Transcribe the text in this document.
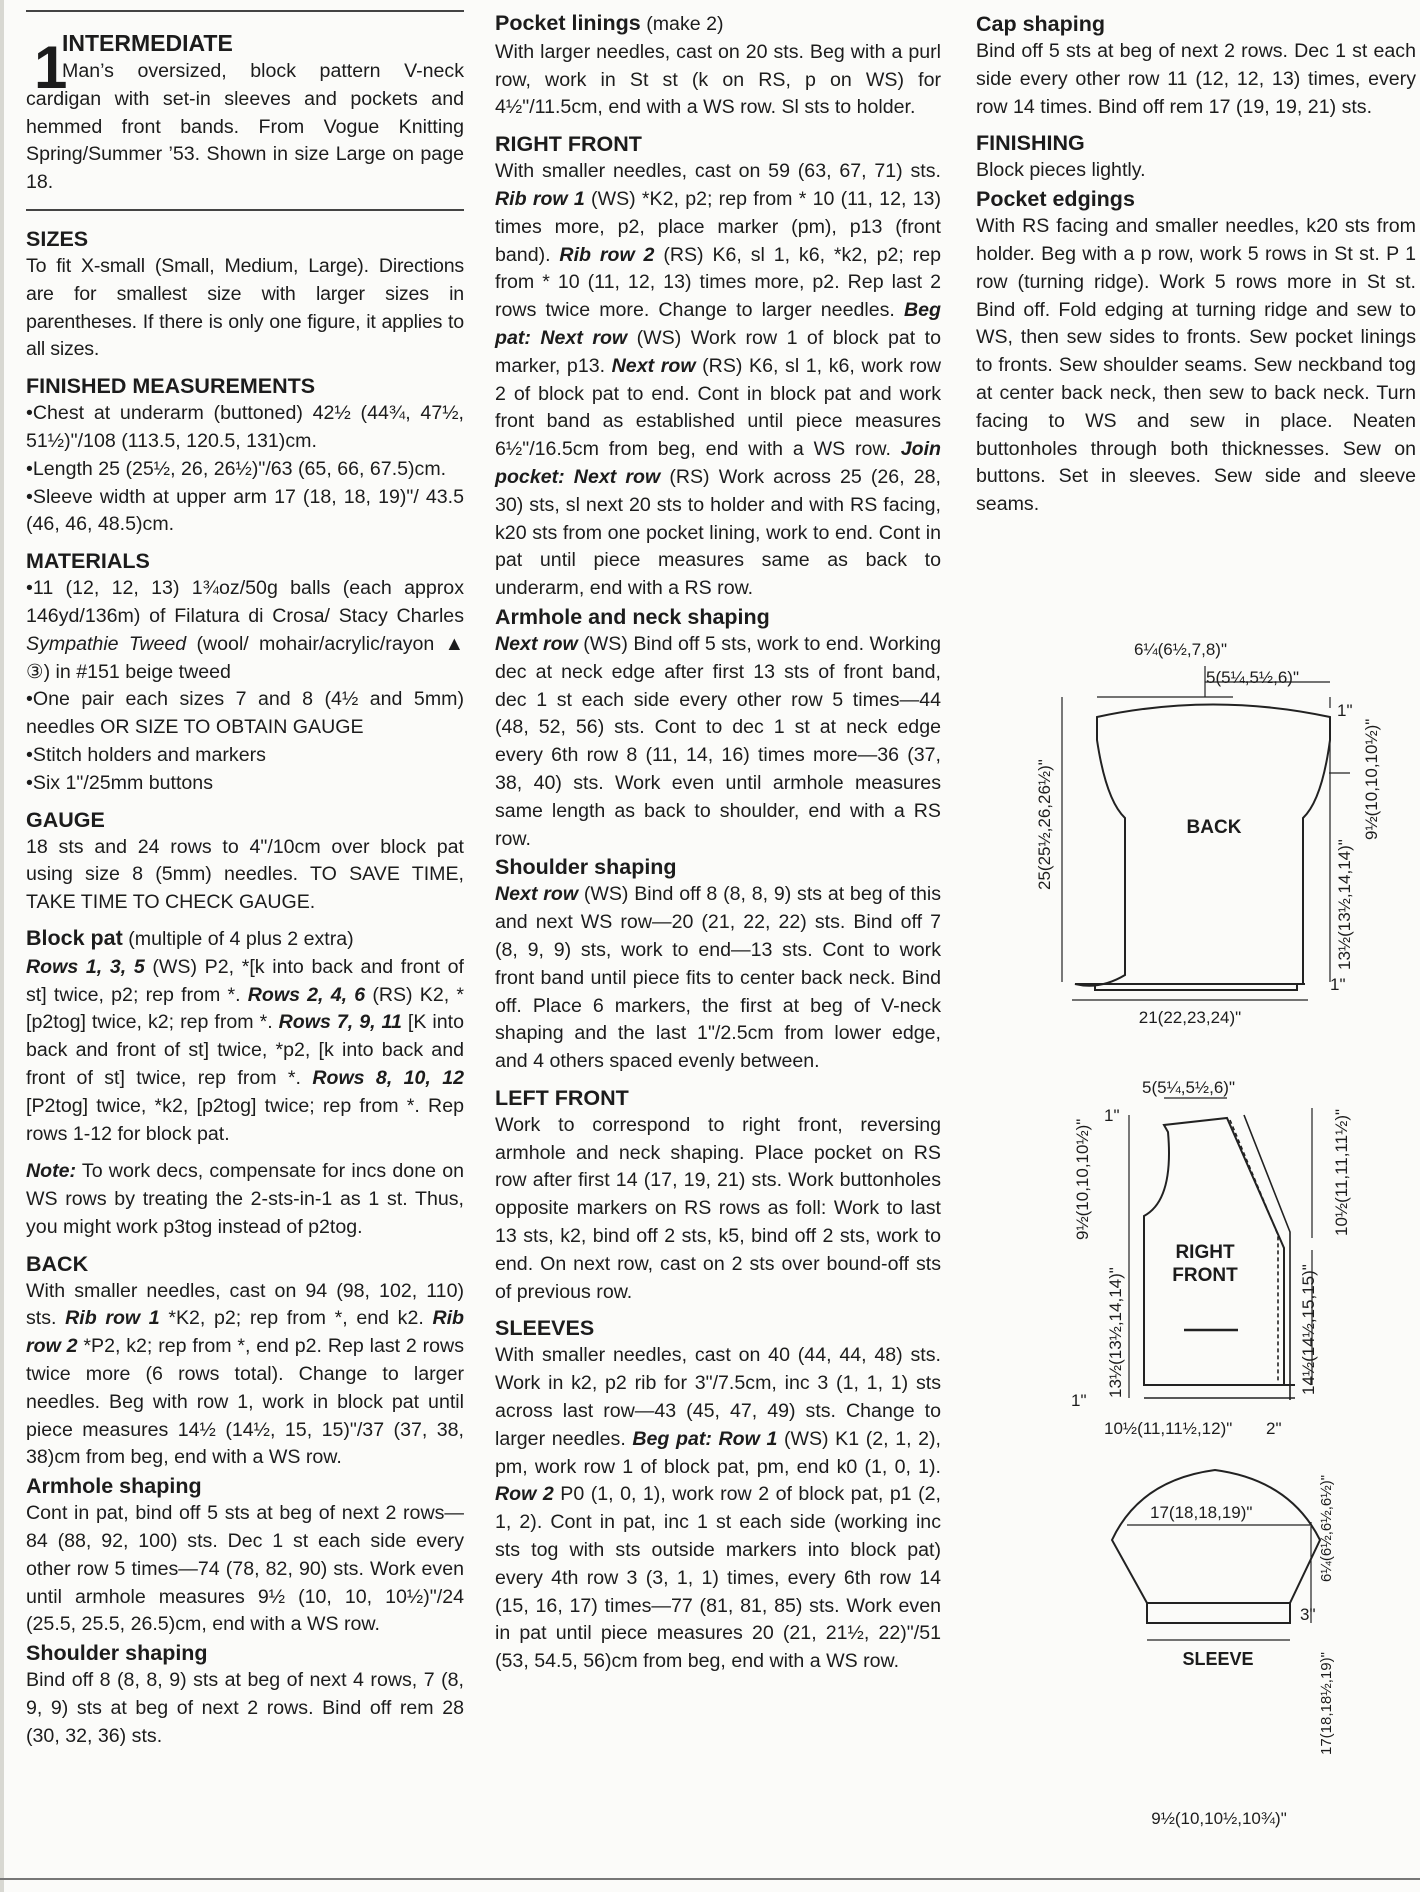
1
INTERMEDIATE

Man’s oversized, block pattern V-neck cardigan with set-in sleeves and pockets and hemmed front bands. From Vogue Knitting Spring/Summer ’53. Shown in size Large on page 18.

SIZES

To fit X-small (Small, Medium, Large). Directions are for smallest size with larger sizes in parentheses. If there is only one figure, it applies to all sizes.

FINISHED MEASUREMENTS

• Chest at underarm (buttoned) 42½ (44¾, 47½, 51½)"/108 (113.5, 120.5, 131)cm.

• Length 25 (25½, 26, 26½)"/63 (65, 66, 67.5)cm.

• Sleeve width at upper arm 17 (18, 18, 19)"/ 43.5 (46, 46, 48.5)cm.

MATERIALS

• 11 (12, 12, 13) 1¾oz/50g balls (each approx 146yd/136m) of Filatura di Crosa/ Stacy Charles Sympathie Tweed (wool/ mohair/acrylic/rayon ▲ ③) in #151 beige tweed

• One pair each sizes 7 and 8 (4½ and 5mm) needles OR SIZE TO OBTAIN GAUGE

• Stitch holders and markers

• Six 1"/25mm buttons

GAUGE

18 sts and 24 rows to 4"/10cm over block pat using size 8 (5mm) needles. TO SAVE TIME, TAKE TIME TO CHECK GAUGE.

Block pat (multiple of 4 plus 2 extra)
Rows 1, 3, 5 (WS) P2, *[k into back and front of st] twice, p2; rep from *. Rows 2, 4, 6 (RS) K2, *[p2tog] twice, k2; rep from *. Rows 7, 9, 11 [K into back and front of st] twice, *p2, [k into back and front of st] twice, rep from *. Rows 8, 10, 12 [P2tog] twice, *k2, [p2tog] twice; rep from *. Rep rows 1-12 for block pat.

Note: To work decs, compensate for incs done on WS rows by treating the 2-sts-in-1 as 1 st. Thus, you might work p3tog instead of p2tog.

BACK

With smaller needles, cast on 94 (98, 102, 110) sts. Rib row 1 *K2, p2; rep from *, end k2. Rib row 2 *P2, k2; rep from *, end p2. Rep last 2 rows twice more (6 rows total). Change to larger needles. Beg with row 1, work in block pat until piece measures 14½ (14½, 15, 15)"/37 (37, 38, 38)cm from beg, end with a WS row.

Armhole shaping

Cont in pat, bind off 5 sts at beg of next 2 rows—84 (88, 92, 100) sts. Dec 1 st each side every other row 5 times—74 (78, 82, 90) sts. Work even until armhole measures 9½ (10, 10, 10½)"/24 (25.5, 25.5, 26.5)cm, end with a WS row.

Shoulder shaping

Bind off 8 (8, 8, 9) sts at beg of next 4 rows, 7 (8, 9, 9) sts at beg of next 2 rows. Bind off rem 28 (30, 32, 36) sts.

Pocket linings (make 2)

With larger needles, cast on 20 sts. Beg with a purl row, work in St st (k on RS, p on WS) for 4½"/11.5cm, end with a WS row. Sl sts to holder.

RIGHT FRONT

With smaller needles, cast on 59 (63, 67, 71) sts. Rib row 1 (WS) *K2, p2; rep from * 10 (11, 12, 13) times more, p2, place marker (pm), p13 (front band). Rib row 2 (RS) K6, sl 1, k6, *k2, p2; rep from * 10 (11, 12, 13) times more, p2. Rep last 2 rows twice more. Change to larger needles. Beg pat: Next row (WS) Work row 1 of block pat to marker, p13. Next row (RS) K6, sl 1, k6, work row 2 of block pat to end. Cont in block pat and work front band as established until piece measures 6½"/16.5cm from beg, end with a WS row. Join pocket: Next row (RS) Work across 25 (26, 28, 30) sts, sl next 20 sts to holder and with RS facing, k20 sts from one pocket lining, work to end. Cont in pat until piece measures same as back to underarm, end with a RS row.

Armhole and neck shaping

Next row (WS) Bind off 5 sts, work to end. Working dec at neck edge after first 13 sts of front band, dec 1 st each side every other row 5 times—44 (48, 52, 56) sts. Cont to dec 1 st at neck edge every 6th row 8 (11, 14, 16) times more—36 (37, 38, 40) sts. Work even until armhole measures same length as back to shoulder, end with a RS row.

Shoulder shaping

Next row (WS) Bind off 8 (8, 8, 9) sts at beg of this and next WS row—20 (21, 22, 22) sts. Bind off 7 (8, 9, 9) sts, work to end—13 sts. Cont to work front band until piece fits to center back neck. Bind off. Place 6 markers, the first at beg of V-neck shaping and the last 1"/2.5cm from lower edge, and 4 others spaced evenly between.

LEFT FRONT

Work to correspond to right front, reversing armhole and neck shaping. Place pocket on RS row after first 14 (17, 19, 21) sts. Work buttonholes opposite markers on RS rows as foll: Work to last 13 sts, k2, bind off 2 sts, k5, bind off 2 sts, work to end. On next row, cast on 2 sts over bound-off sts of previous row.

SLEEVES

With smaller needles, cast on 40 (44, 44, 48) sts. Work in k2, p2 rib for 3"/7.5cm, inc 3 (1, 1, 1) sts across last row—43 (45, 47, 49) sts. Change to larger needles. Beg pat: Row 1 (WS) K1 (2, 1, 2), pm, work row 1 of block pat, pm, end k0 (1, 0, 1). Row 2 P0 (1, 0, 1), work row 2 of block pat, p1 (2, 1, 2). Cont in pat, inc 1 st each side (working inc sts tog with sts outside markers into block pat) every 4th row 3 (3, 1, 1) times, every 6th row 14 (15, 16, 17) times—77 (81, 81, 85) sts. Work even in pat until piece measures 20 (21, 21½, 22)"/51 (53, 54.5, 56)cm from beg, end with a WS row.

Cap shaping

Bind off 5 sts at beg of next 2 rows. Dec 1 st each side every other row 11 (12, 12, 13) times, every row 14 times. Bind off rem 17 (19, 19, 21) sts.

FINISHING

Block pieces lightly.

Pocket edgings

With RS facing and smaller needles, k20 sts from holder. Beg with a p row, work 5 rows in St st. P 1 row (turning ridge). Work 5 rows more in St st. Bind off. Fold edging at turning ridge and sew to WS, then sew sides to fronts. Sew pocket linings to fronts. Sew shoulder seams. Sew neckband tog at center back neck, then sew to back neck. Turn facing to WS and sew in place. Neaten buttonholes through both thicknesses. Sew on buttons. Set in sleeves. Sew side and sleeve seams.

BACK
6¼(6½,7,8)"
5(5¼,5½,6)"
25(25½,26,26½)"	9½(10,10,10½)"
13½(13½,14,14)"
21(22,23,24)"
1"
1"
RIGHT
FRONT
5(5¼,5½,6)"
1"
9½(10,10,10½)"
13½(13½,14,14)"
10½(11,11,11½)"
14½(14½,15,15)"
1"
10½(11,11½,12)" 2"
SLEEVE
17(18,18,19)"	6¼(6½,6½,6½)"
17(18,18½,19)"
3"
9½(10,10½,10¾)"
